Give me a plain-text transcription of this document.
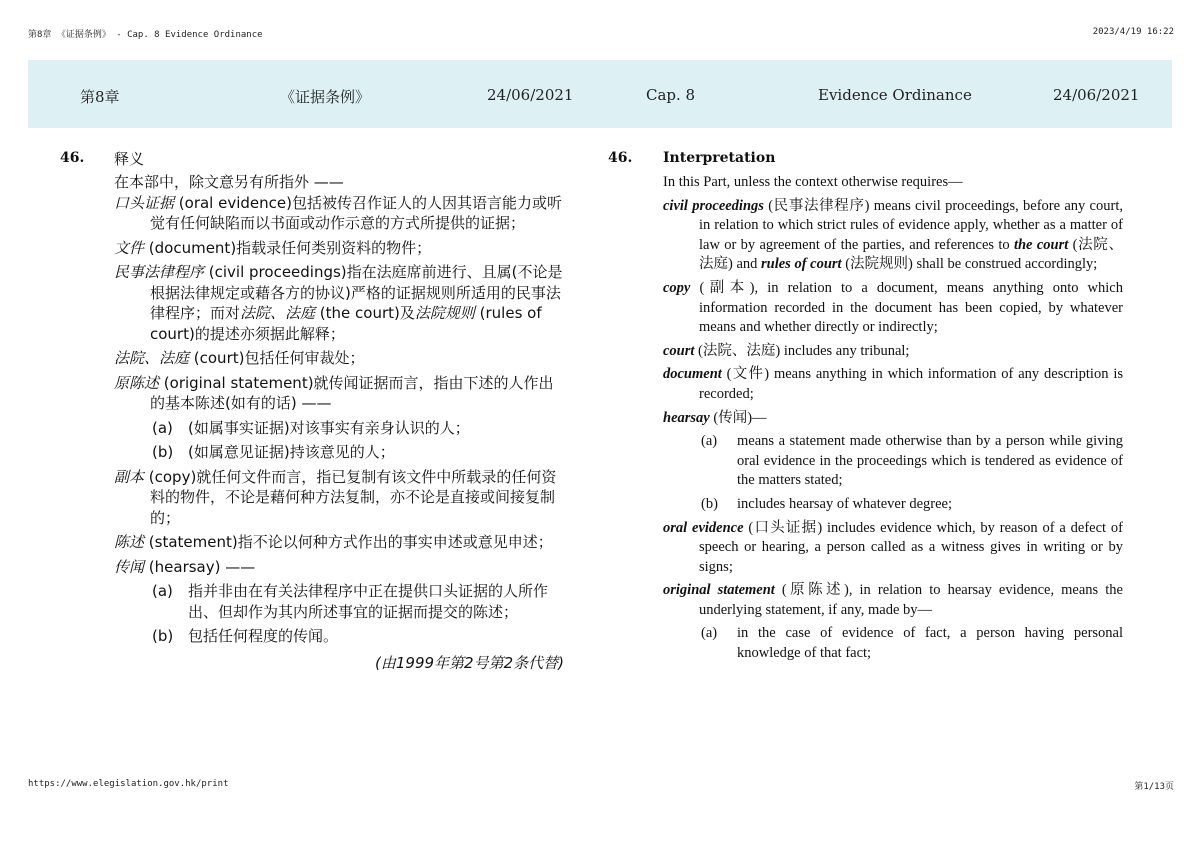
第8章 《证据条例》 - Cap. 8 Evidence Ordinance	2023/4/19 16:22
第8章	《证据条例》	24/06/2021	Cap. 8	Evidence Ordinance	24/06/2021
46. 释义

在本部中，除文意另有所指外 ——

口头证据 (oral evidence)包括被传召作证人的人因其语言能力或听觉有任何缺陷而以书面或动作示意的方式所提供的证据；

文件 (document)指载录任何类别资料的物件；

民事法律程序 (civil proceedings)指在法庭席前进行、且属(不论是根据法律规定或藉各方的协议)严格的证据规则所适用的民事法律程序；而对法院、法庭 (the court)及法院规则 (rules of court)的提述亦须据此解释；

法院、法庭 (court)包括任何审裁处；

原陈述 (original statement)就传闻证据而言，指由下述的人作出的基本陈述(如有的话) ——

(a)	(如属事实证据)对该事实有亲身认识的人；

(b) (如属意见证据)持该意见的人；

副本 (copy)就任何文件而言，指已复制有该文件中所载录的任何资料的物件，不论是藉何种方法复制，亦不论是直接或间接复制的；

陈述 (statement)指不论以何种方式作出的事实申述或意见申述；

传闻 (hearsay) ——

(a)	指并非由在有关法律程序中正在提供口头证据的人所作出、但却作为其内所述事宜的证据而提交的陈述；

(b) 包括任何程度的传闻。

(由1999年第2号第2条代替)

46. Interpretation

In this Part, unless the context otherwise requires—

civil proceedings (民事法律程序) means civil proceedings, before any court, in relation to which strict rules of evidence apply, whether as a matter of law or by agreement of the parties, and references to the court (法院、法庭) and rules of court (法院规则) shall be construed accordingly;

copy (副本), in relation to a document, means anything onto which information recorded in the document has been copied, by whatever means and whether directly or indirectly;

court (法院、法庭) includes any tribunal;

document (文件) means anything in which information of any description is recorded;

hearsay (传闻)—

(a)	means a statement made otherwise than by a person while giving oral evidence in the proceedings which is tendered as evidence of the matters stated;

(b)	includes hearsay of whatever degree;

oral evidence (口头证据) includes evidence which, by reason of a defect of speech or hearing, a person called as a witness gives in writing or by signs;

original statement (原陈述), in relation to hearsay evidence, means the underlying statement, if any, made by—

(a)	in the case of evidence of fact, a person having personal knowledge of that fact;

https://www.elegislation.gov.hk/print	第1/13页
